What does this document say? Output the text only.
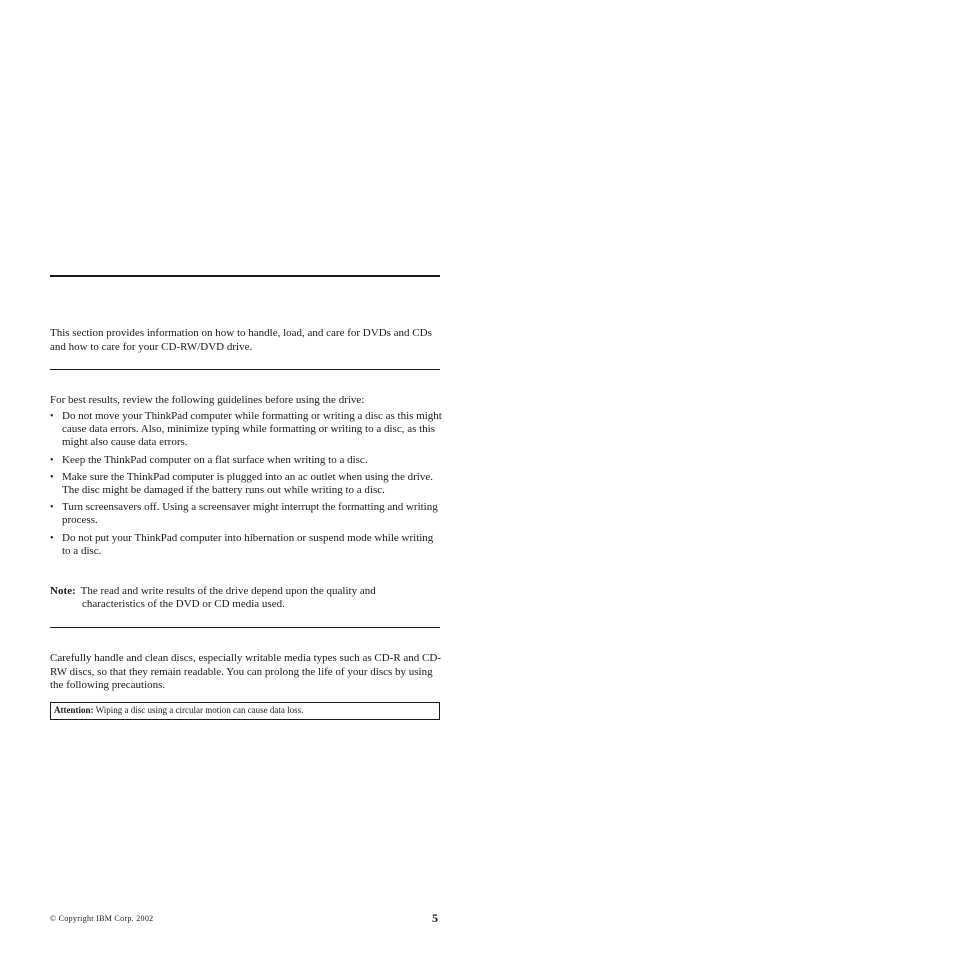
This section provides information on how to handle, load, and care for DVDs and CDs and how to care for your CD-RW/DVD drive.

For best results, review the following guidelines before using the drive:

• Do not move your ThinkPad computer while formatting or writing a disc as this might cause data errors. Also, minimize typing while formatting or writing to a disc, as this might also cause data errors.
• Keep the ThinkPad computer on a flat surface when writing to a disc.
• Make sure the ThinkPad computer is plugged into an ac outlet when using the drive. The disc might be damaged if the battery runs out while writing to a disc.
• Turn screensavers off. Using a screensaver might interrupt the formatting and writing process.
• Do not put your ThinkPad computer into hibernation or suspend mode while writing to a disc.
Note: The read and write results of the drive depend upon the quality and
characteristics of the DVD or CD media used.

Carefully handle and clean discs, especially writable media types such as CD-R and CD-RW discs, so that they remain readable. You can prolong the life of your discs by using the following precautions.

Attention: Wiping a disc using a circular motion can cause data loss.
© Copyright IBM Corp. 2002	5
